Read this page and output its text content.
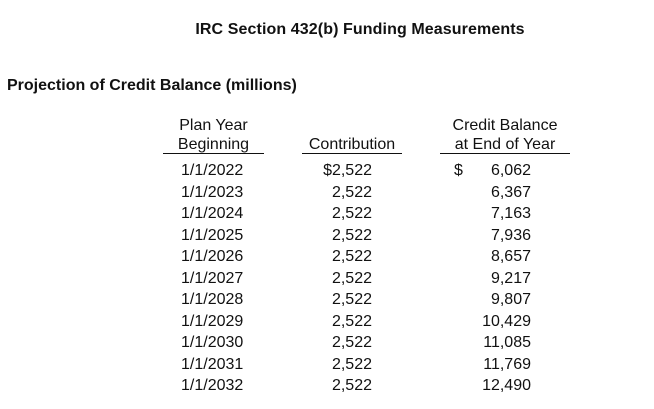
IRC Section 432(b) Funding Measurements
Projection of Credit Balance (millions)
Plan Year
Beginning	Contribution
Credit Balance
at End of Year
1/1/2022	$2,522	$ 6,062
1/1/2023	2,522	6,367
1/1/2024	2,522	7,163
1/1/2025	2,522	7,936
1/1/2026	2,522	8,657
1/1/2027	2,522	9,217
1/1/2028	2,522	9,807
1/1/2029	2,522	10,429
1/1/2030	2,522	11,085
1/1/2031	2,522	11,769
1/1/2032	2,522	12,490
